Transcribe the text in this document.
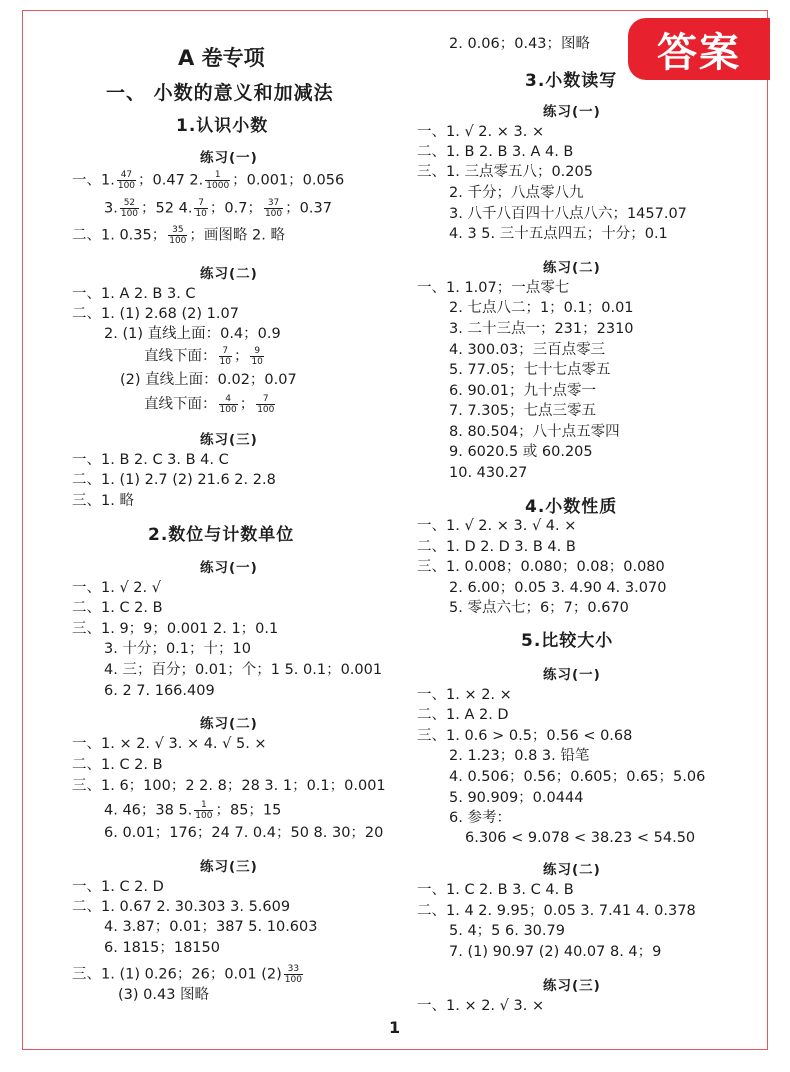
答案
A 卷专项
一、 小数的意义和加减法
1.认识小数
练习(一)
一、1. $\frac{47}{100}$ ；0.47 2. $\frac{1}{1000}$ ；0.001；0.056
3. $\frac{52}{100}$ ；52 4. $\frac{7}{10}$ ；0.7； $\frac{37}{100}$ ；0.37
二、1. 0.35； $\frac{35}{100}$ ；画图略 2. 略
练习(二)
一、1. A 2. B 3. C
二、1. (1) 2.68 (2) 1.07
2. (1) 直线上面：0.4；0.9
直线下面： $\frac{7}{10}$ ； $\frac{9}{10}$
(2) 直线上面：0.02；0.07
直线下面： $\frac{4}{100}$ ； $\frac{7}{100}$
练习(三)
一、1. B 2. C 3. B 4. C
二、1. (1) 2.7 (2) 21.6 2. 2.8
三、1. 略
2.数位与计数单位
练习(一)
一、1. √ 2. √
二、1. C 2. B
三、1. 9；9；0.001 2. 1；0.1
3. 十分；0.1；十；10
4. 三；百分；0.01；个；1 5. 0.1；0.001
6. 2 7. 166.409
练习(二)
一、1. × 2. √ 3. × 4. √ 5. ×
二、1. C 2. B
三、1. 6；100；2 2. 8；28 3. 1；0.1；0.001
4. 46；38 5. $\frac{1}{100}$ ；85；15
6. 0.01；176；24 7. 0.4；50 8. 30；20
练习(三)
一、1. C 2. D
二、1. 0.67 2. 30.303 3. 5.609
4. 3.87；0.01；387 5. 10.603
6. 1815；18150
三、1. (1) 0.26；26；0.01 $(2) \frac{33}{100}$
(3) 0.43 图略
2. 0.06；0.43；图略
3.小数读写
练习(一)
一、1. √ 2. × 3. ×
二、1. B 2. B 3. A 4. B
三、1. 三点零五八；0.205
2. 千分；八点零八九
3. 八千八百四十八点八六；1457.07
4. 3 5. 三十五点四五；十分；0.1
练习(二)
一、1. 1.07；一点零七
2. 七点八二；1；0.1；0.01
3. 二十三点一；231；2310
4. 300.03；三百点零三
5. 77.05；七十七点零五
6. 90.01；九十点零一
7. 7.305；七点三零五
8. 80.504；八十点五零四
9. 6020.5 或 60.205
10. 430.27
4.小数性质
一、1. √ 2. × 3. √ 4. ×
二、1. D 2. D 3. B 4. B
三、1. 0.008；0.080；0.08；0.080
2. 6.00；0.05 3. 4.90 4. 3.070
5. 零点六七；6；7；0.670
5.比较大小
练习(一)
一、1. × 2. ×
二、1. A 2. D
三、1. 0.6 > 0.5；0.56 < 0.68
2. 1.23；0.8 3. 铅笔
4. 0.506；0.56；0.605；0.65；5.06
5. 90.909；0.0444
6. 参考：
6.306 < 9.078 < 38.23 < 54.50
练习(二)
一、1. C 2. B 3. C 4. B
二、1. 4 2. 9.95；0.05 3. 7.41 4. 0.378
5. 4；5 6. 30.79
7. (1) 90.97 (2) 40.07 8. 4；9
练习(三)
一、1. × 2. √ 3. ×
1
